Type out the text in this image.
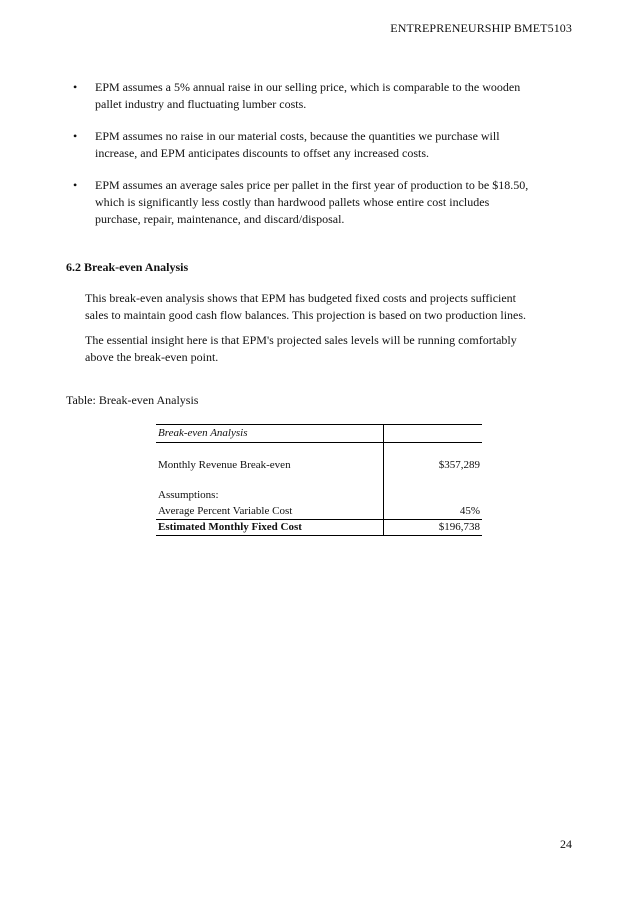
ENTREPRENEURSHIP BMET5103
• EPM assumes a 5% annual raise in our selling price, which is comparable to the wooden
pallet industry and fluctuating lumber costs.
• EPM assumes no raise in our material costs, because the quantities we purchase will
increase, and EPM anticipates discounts to offset any increased costs.
• EPM assumes an average sales price per pallet in the first year of production to be $18.50,
which is significantly less costly than hardwood pallets whose entire cost includes
purchase, repair, maintenance, and discard/disposal.
6.2 Break-even Analysis

This break-even analysis shows that EPM has budgeted fixed costs and projects sufficient
sales to maintain good cash flow balances. This projection is based on two production lines.

The essential insight here is that EPM's projected sales levels will be running comfortably
above the break-even point.

Table: Break-even Analysis
Break-even Analysis	

Monthly Revenue Break-even	$357,289

Assumptions:	
Average Percent Variable Cost	45%
Estimated Monthly Fixed Cost	$196,738
24
